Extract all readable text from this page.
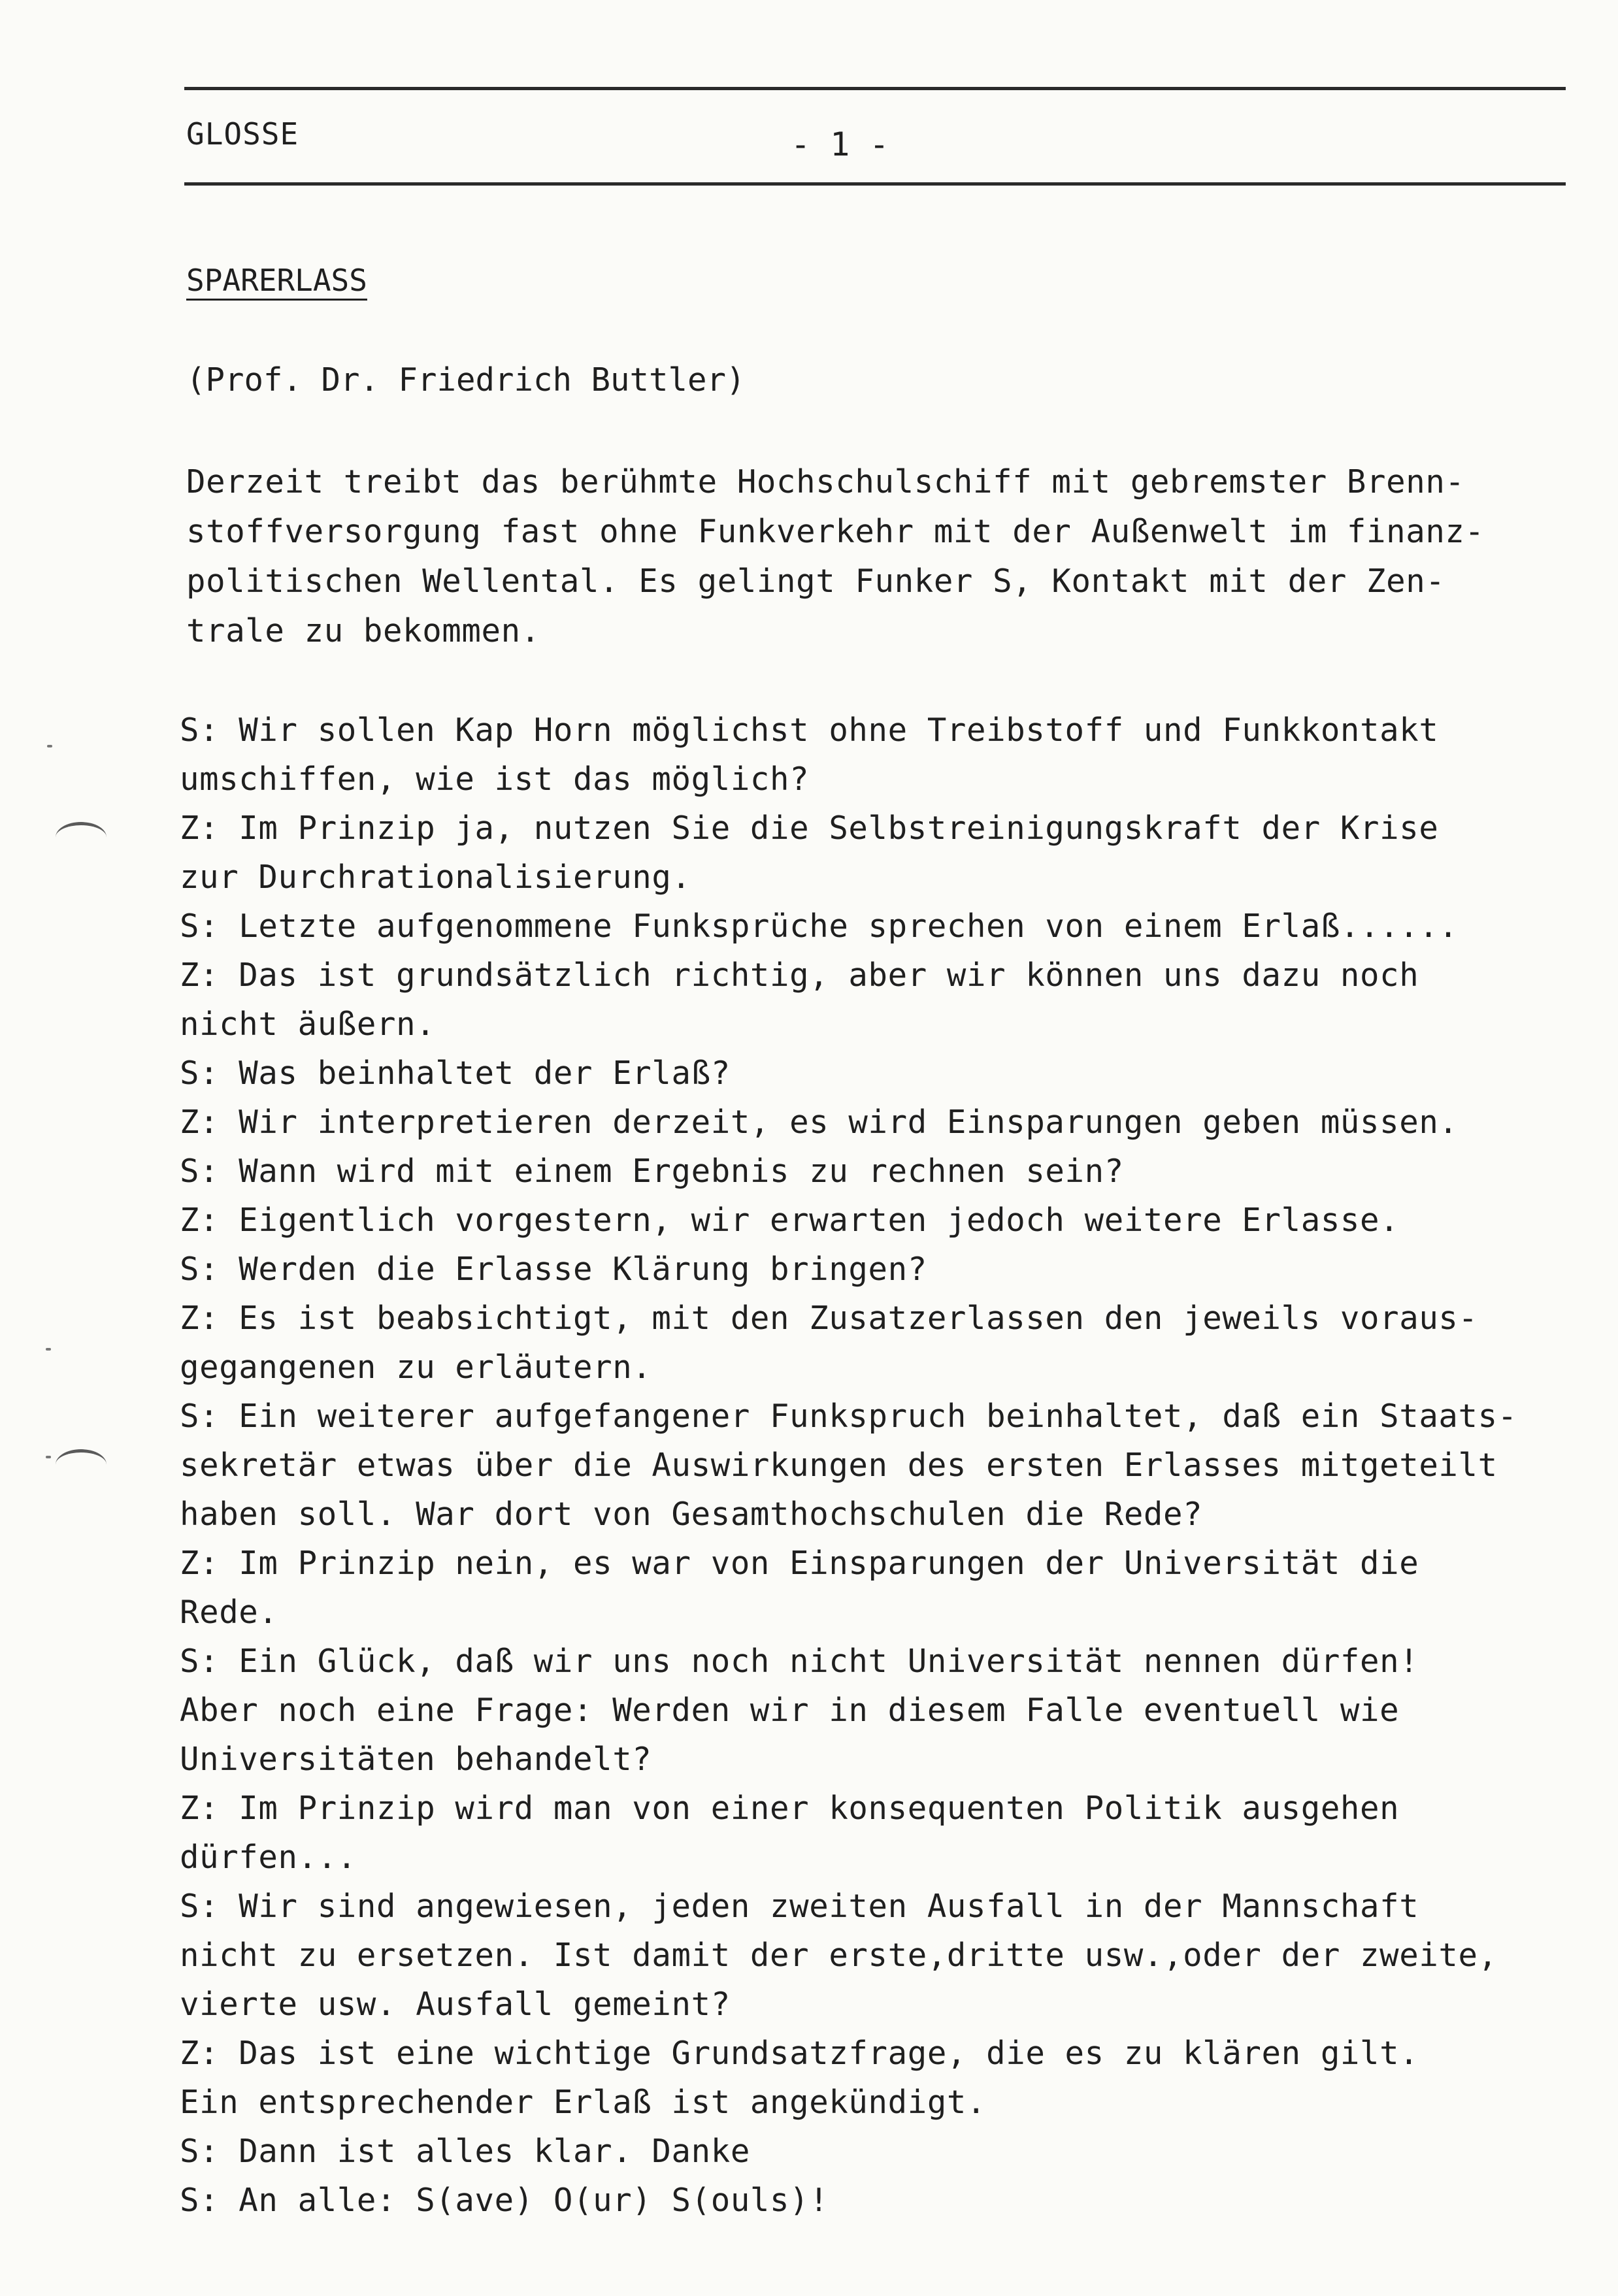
GLOSSE	- 1 -
SPARERLASS
(Prof. Dr. Friedrich Buttler)
Derzeit treibt das berühmte Hochschulschiff mit gebremster Brenn-
stoffversorgung fast ohne Funkverkehr mit der Außenwelt im finanz-
politischen Wellental. Es gelingt Funker S, Kontakt mit der Zen-
trale zu bekommen.
S: Wir sollen Kap Horn möglichst ohne Treibstoff und Funkkontakt
umschiffen, wie ist das möglich?
Z: Im Prinzip ja, nutzen Sie die Selbstreinigungskraft der Krise
zur Durchrationalisierung.
S: Letzte aufgenommene Funksprüche sprechen von einem Erlaß......
Z: Das ist grundsätzlich richtig, aber wir können uns dazu noch
nicht äußern.
S: Was beinhaltet der Erlaß?
Z: Wir interpretieren derzeit, es wird Einsparungen geben müssen.
S: Wann wird mit einem Ergebnis zu rechnen sein?
Z: Eigentlich vorgestern, wir erwarten jedoch weitere Erlasse.
S: Werden die Erlasse Klärung bringen?
Z: Es ist beabsichtigt, mit den Zusatzerlassen den jeweils voraus-
gegangenen zu erläutern.
S: Ein weiterer aufgefangener Funkspruch beinhaltet, daß ein Staats-
sekretär etwas über die Auswirkungen des ersten Erlasses mitgeteilt
haben soll. War dort von Gesamthochschulen die Rede?
Z: Im Prinzip nein, es war von Einsparungen der Universität die
Rede.
S: Ein Glück, daß wir uns noch nicht Universität nennen dürfen!
Aber noch eine Frage: Werden wir in diesem Falle eventuell wie
Universitäten behandelt?
Z: Im Prinzip wird man von einer konsequenten Politik ausgehen
dürfen...
S: Wir sind angewiesen, jeden zweiten Ausfall in der Mannschaft
nicht zu ersetzen. Ist damit der erste,dritte usw.,oder der zweite,
vierte usw. Ausfall gemeint?
Z: Das ist eine wichtige Grundsatzfrage, die es zu klären gilt.
Ein entsprechender Erlaß ist angekündigt.
S: Dann ist alles klar. Danke
S: An alle: S(ave) O(ur) S(ouls)!
